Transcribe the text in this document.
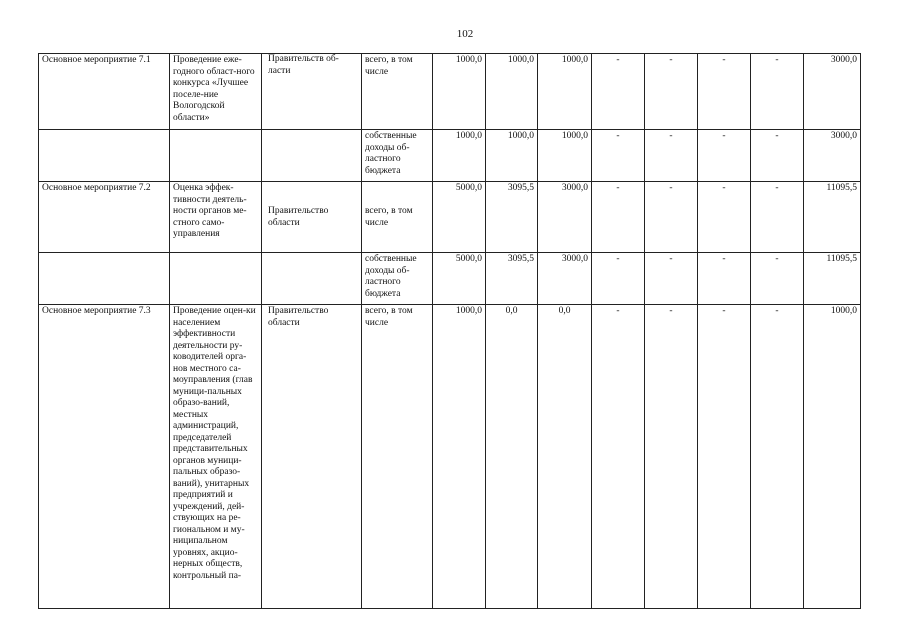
102
Основное мероприятие 7.1	Проведение еже-годного област-ного конкурса «Лучшее поселе-ние Вологодской области»	Правительств об-ласти	всего, в том числе	1000,0	1000,0	1000,0	-	-	-	-	3000,0
			собственные доходы об-ластного бюджета	1000,0	1000,0	1000,0	-	-	-	-	3000,0
Основное мероприятие 7.2	Оценка эффек-тивности деятель-ности органов ме-стного само-управления	Правительство области	всего, в том числе	5000,0	3095,5	3000,0	-	-	-	-	11095,5
			собственные доходы об-ластного бюджета	5000,0	3095,5	3000,0	-	-	-	-	11095,5
Основное мероприятие 7.3	Проведение оцен-ки населением эффективности деятельности ру-ководителей орга-нов местного са-моуправления (глав муници-пальных образо-ваний, местных администраций, председателей представительных органов муници-пальных образо-ваний), унитарных предприятий и учреждений, дей-ствующих на ре-гиональном и му-ниципальном уровнях, акцио-нерных обществ, контрольный па-	Правительство области	всего, в том числе	1000,0	0,0	0,0	-	-	-	-	1000,0
